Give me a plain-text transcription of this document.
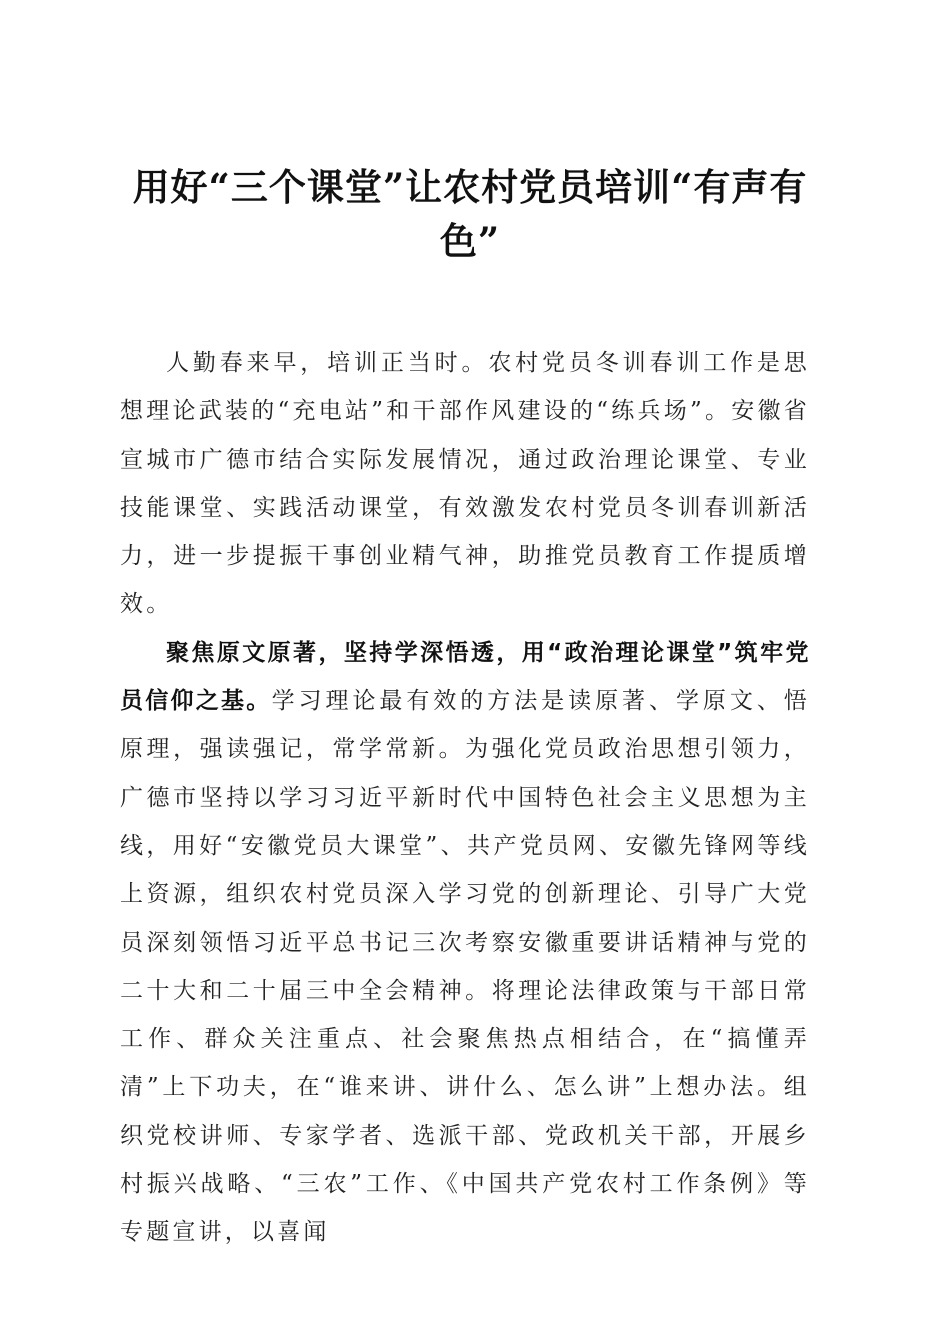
用好“三个课堂”让农村党员培训“有声有色”

人勤春来早，培训正当时。农村党员冬训春训工作是思想理论武装的“充电站”和干部作风建设的“练兵场”。安徽省宣城市广德市结合实际发展情况，通过政治理论课堂、专业技能课堂、实践活动课堂，有效激发农村党员冬训春训新活力，进一步提振干事创业精气神，助推党员教育工作提质增效。

聚焦原文原著，坚持学深悟透，用“政治理论课堂”筑牢党员信仰之基。学习理论最有效的方法是读原著、学原文、悟原理，强读强记，常学常新。为强化党员政治思想引领力，广德市坚持以学习习近平新时代中国特色社会主义思想为主线，用好“安徽党员大课堂”、共产党员网、安徽先锋网等线上资源，组织农村党员深入学习党的创新理论、引导广大党员深刻领悟习近平总书记三次考察安徽重要讲话精神与党的二十大和二十届三中全会精神。将理论法律政策与干部日常工作、群众关注重点、社会聚焦热点相结合，在“搞懂弄清”上下功夫，在“谁来讲、讲什么、怎么讲”上想办法。组织党校讲师、专家学者、选派干部、党政机关干部，开展乡村振兴战略、“三农”工作、《中国共产党农村工作条例》等专题宣讲，以喜闻
